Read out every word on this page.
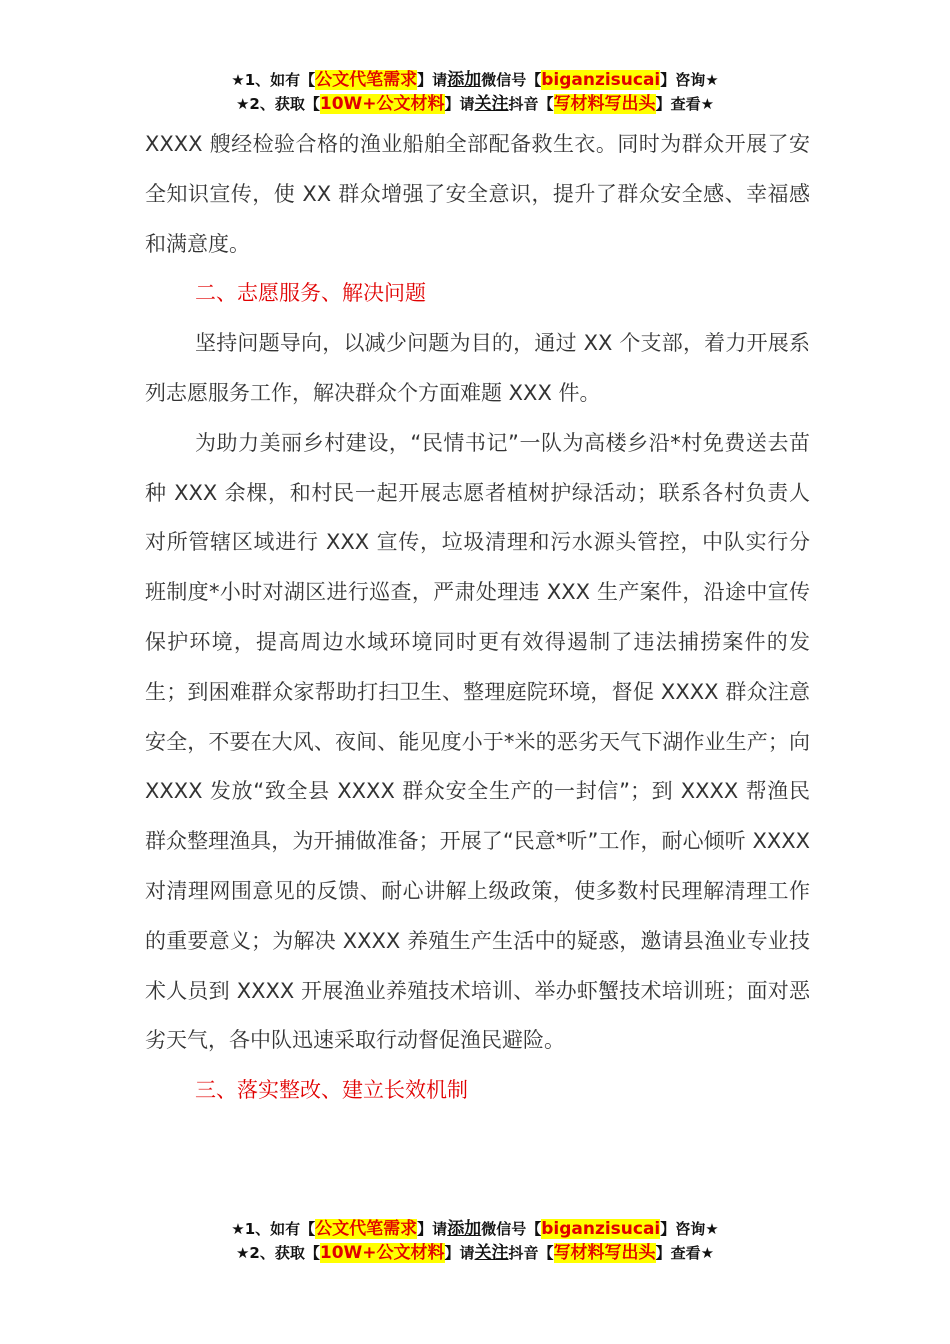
★1、如有【公文代笔需求】请添加微信号【biganzisucai】咨询★
★2、获取【10W+公文材料】请关注抖音【写材料写出头】查看★

XXXX 艘经检验合格的渔业船舶全部配备救生衣。同时为群众开展了安全知识宣传，使 XX 群众增强了安全意识，提升了群众安全感、幸福感和满意度。

二、志愿服务、解决问题

坚持问题导向，以减少问题为目的，通过 XX 个支部，着力开展系列志愿服务工作，解决群众个方面难题 XXX 件。

为助力美丽乡村建设，“民情书记”一队为高楼乡沿*村免费送去苗种 XXX 余棵，和村民一起开展志愿者植树护绿活动；联系各村负责人对所管辖区域进行 XXX 宣传，垃圾清理和污水源头管控，中队实行分班制度*小时对湖区进行巡查，严肃处理违 XXX 生产案件，沿途中宣传保护环境，提高周边水域环境同时更有效得遏制了违法捕捞案件的发生；到困难群众家帮助打扫卫生、整理庭院环境，督促 XXXX 群众注意安全，不要在大风、夜间、能见度小于*米的恶劣天气下湖作业生产；向 XXXX 发放“致全县 XXXX 群众安全生产的一封信”；到 XXXX 帮渔民群众整理渔具，为开捕做准备；开展了“民意*听”工作，耐心倾听 XXXX 对清理网围意见的反馈、耐心讲解上级政策，使多数村民理解清理工作的重要意义；为解决 XXXX 养殖生产生活中的疑惑，邀请县渔业专业技术人员到 XXXX 开展渔业养殖技术培训、举办虾蟹技术培训班；面对恶劣天气，各中队迅速采取行动督促渔民避险。

三、落实整改、建立长效机制

★1、如有【公文代笔需求】请添加微信号【biganzisucai】咨询★
★2、获取【10W+公文材料】请关注抖音【写材料写出头】查看★
